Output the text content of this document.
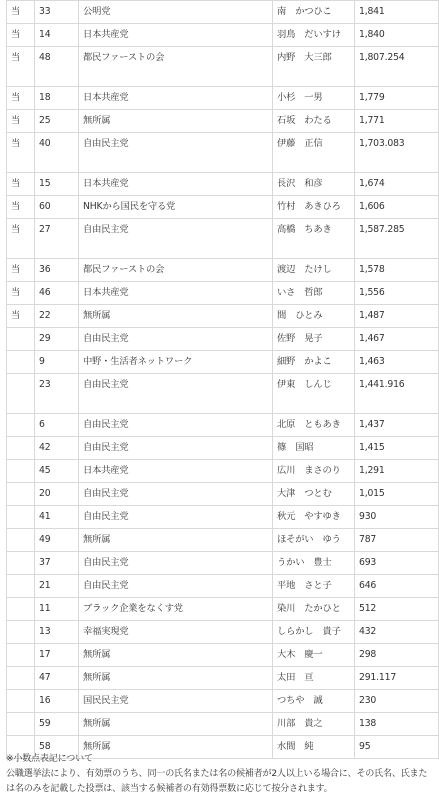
当	33	公明党	南　かつひこ	1,841
当	14	日本共産党	羽鳥　だいすけ	1,840
当	48	都民ファーストの会	内野　大三郎	1,807.254
当	18	日本共産党	小杉　一男	1,779
当	25	無所属	石坂　わたる	1,771
当	40	自由民主党	伊藤　正信	1,703.083
当	15	日本共産党	長沢　和彦	1,674
当	60	NHKから国民を守る党	竹村　あきひろ	1,606
当	27	自由民主党	高橋　ちあき	1,587.285
当	36	都民ファーストの会	渡辺　たけし	1,578
当	46	日本共産党	いさ　哲郎	1,556
当	22	無所属	間　ひとみ	1,487
	29	自由民主党	佐野　晃子	1,467
	9	中野・生活者ネットワーク	細野　かよこ	1,463
	23	自由民主党	伊東　しんじ	1,441.916
	6	自由民主党	北原　ともあき	1,437
	42	自由民主党	篠　国昭	1,415
	45	日本共産党	広川　まさのり	1,291
	20	自由民主党	大津　つとむ	1,015
	41	自由民主党	秋元　やすゆき	930
	49	無所属	ほそがい　ゆう	787
	37	自由民主党	うかい　豊士	693
	21	自由民主党	平地　さと子	646
	11	ブラック企業をなくす党	染川　たかひと	512
	13	幸福実現党	しらかし　貴子	432
	17	無所属	大木　慶一	298
	47	無所属	太田　亘	291.117
	16	国民民主党	つちや　誠	230
	59	無所属	川部　貴之	138
	58	無所属	水間　純	95

※小数点表記について

公職選挙法により、有効票のうち、同一の氏名または名の候補者が2人以上いる場合に、その氏名、氏または名のみを記載した投票は、該当する候補者の有効得票数に応じて按分されます。
